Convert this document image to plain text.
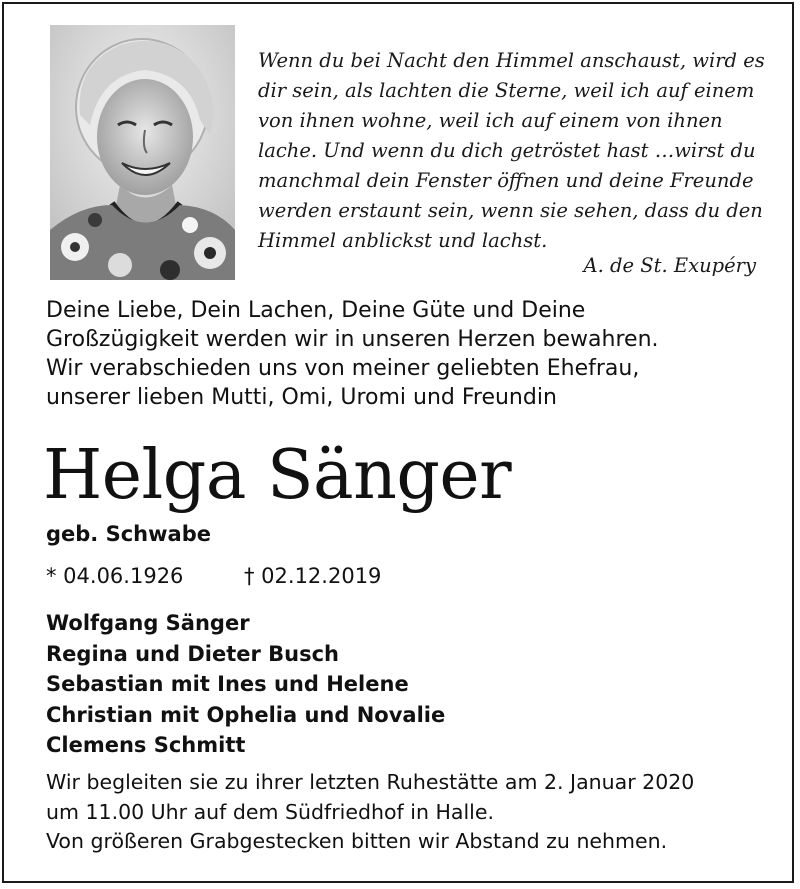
Wenn du bei Nacht den Himmel anschaust, wird es
dir sein, als lachten die Sterne, weil ich auf einem
von ihnen wohne, weil ich auf einem von ihnen
lache. Und wenn du dich getröstet hast …wirst du
manchmal dein Fenster öffnen und deine Freunde
werden erstaunt sein, wenn sie sehen, dass du den
Himmel anblickst und lachst.
A. de St. Exupéry
Deine Liebe, Dein Lachen, Deine Güte und Deine
Großzügigkeit werden wir in unseren Herzen bewahren.
Wir verabschieden uns von meiner geliebten Ehefrau,
unserer lieben Mutti, Omi, Uromi und Freundin
Helga Sänger
geb. Schwabe
* 04.06.1926	† 02.12.2019
Wolfgang Sänger
Regina und Dieter Busch
Sebastian mit Ines und Helene
Christian mit Ophelia und Novalie
Clemens Schmitt
Wir begleiten sie zu ihrer letzten Ruhestätte am 2. Januar 2020
um 11.00 Uhr auf dem Südfriedhof in Halle.
Von größeren Grabgestecken bitten wir Abstand zu nehmen.
